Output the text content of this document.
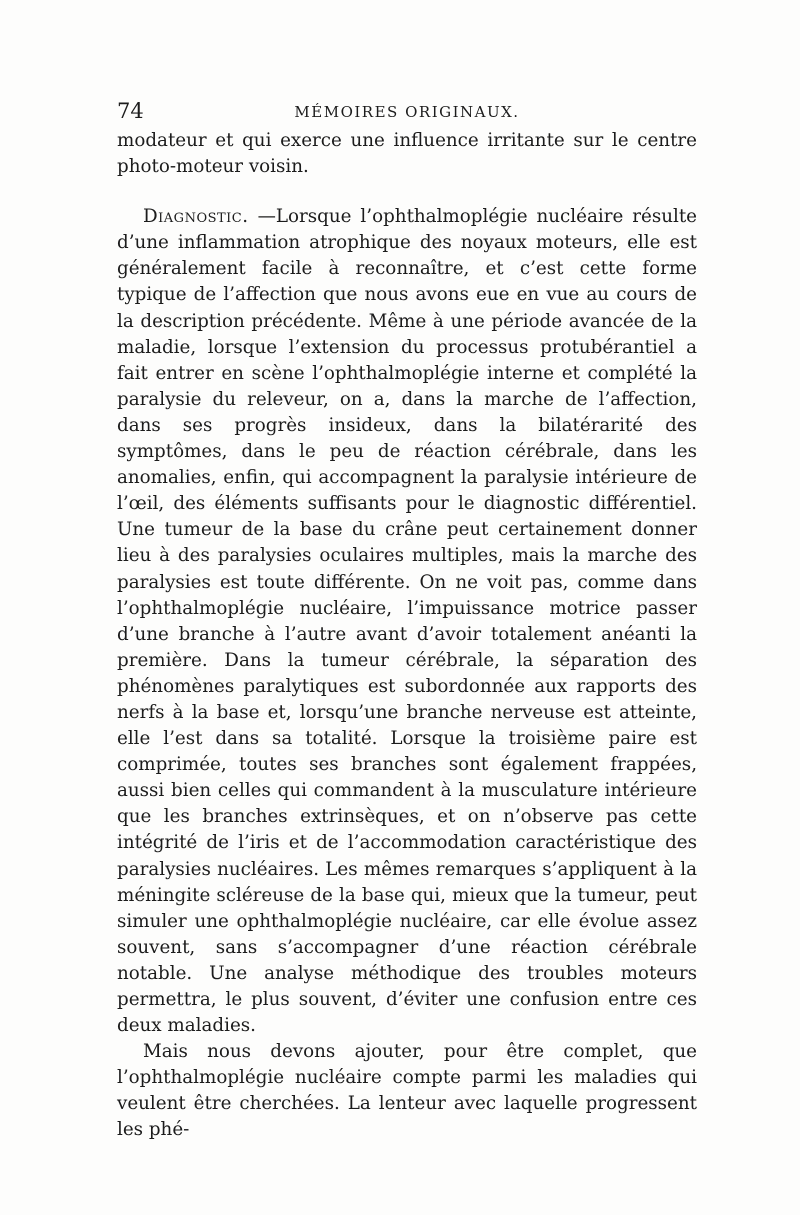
74	MÉMOIRES ORIGINAUX.

modateur et qui exerce une influence irritante sur le centre photo-moteur voisin.

Diagnostic. —Lorsque l’ophthalmoplégie nucléaire résulte d’une inflammation atrophique des noyaux moteurs, elle est généralement facile à reconnaître, et c’est cette forme typique de l’affection que nous avons eue en vue au cours de la description précédente. Même à une période avancée de la maladie, lorsque l’extension du processus protubérantiel a fait entrer en scène l’ophthalmoplégie interne et complété la paralysie du releveur, on a, dans la marche de l’affection, dans ses progrès insideux, dans la bilatérarité des symptômes, dans le peu de réaction cérébrale, dans les anomalies, enfin, qui accompagnent la paralysie intérieure de l’œil, des éléments suffisants pour le diagnostic différentiel. Une tumeur de la base du crâne peut certainement donner lieu à des paralysies oculaires multiples, mais la marche des paralysies est toute différente. On ne voit pas, comme dans l’ophthalmoplégie nucléaire, l’impuissance motrice passer d’une branche à l’autre avant d’avoir totalement anéanti la première. Dans la tumeur cérébrale, la séparation des phénomènes paralytiques est subordonnée aux rapports des nerfs à la base et, lorsqu’une branche nerveuse est atteinte, elle l’est dans sa totalité. Lorsque la troisième paire est comprimée, toutes ses branches sont également frappées, aussi bien celles qui commandent à la musculature intérieure que les branches extrinsèques, et on n’observe pas cette intégrité de l’iris et de l’accommodation caractéristique des paralysies nucléaires. Les mêmes remarques s’appliquent à la méningite scléreuse de la base qui, mieux que la tumeur, peut simuler une ophthalmoplégie nucléaire, car elle évolue assez souvent, sans s’accompagner d’une réaction cérébrale notable. Une analyse méthodique des troubles moteurs permettra, le plus souvent, d’éviter une confusion entre ces deux maladies.

Mais nous devons ajouter, pour être complet, que l’ophthalmoplégie nucléaire compte parmi les maladies qui veulent être cherchées. La lenteur avec laquelle progressent les phé-
